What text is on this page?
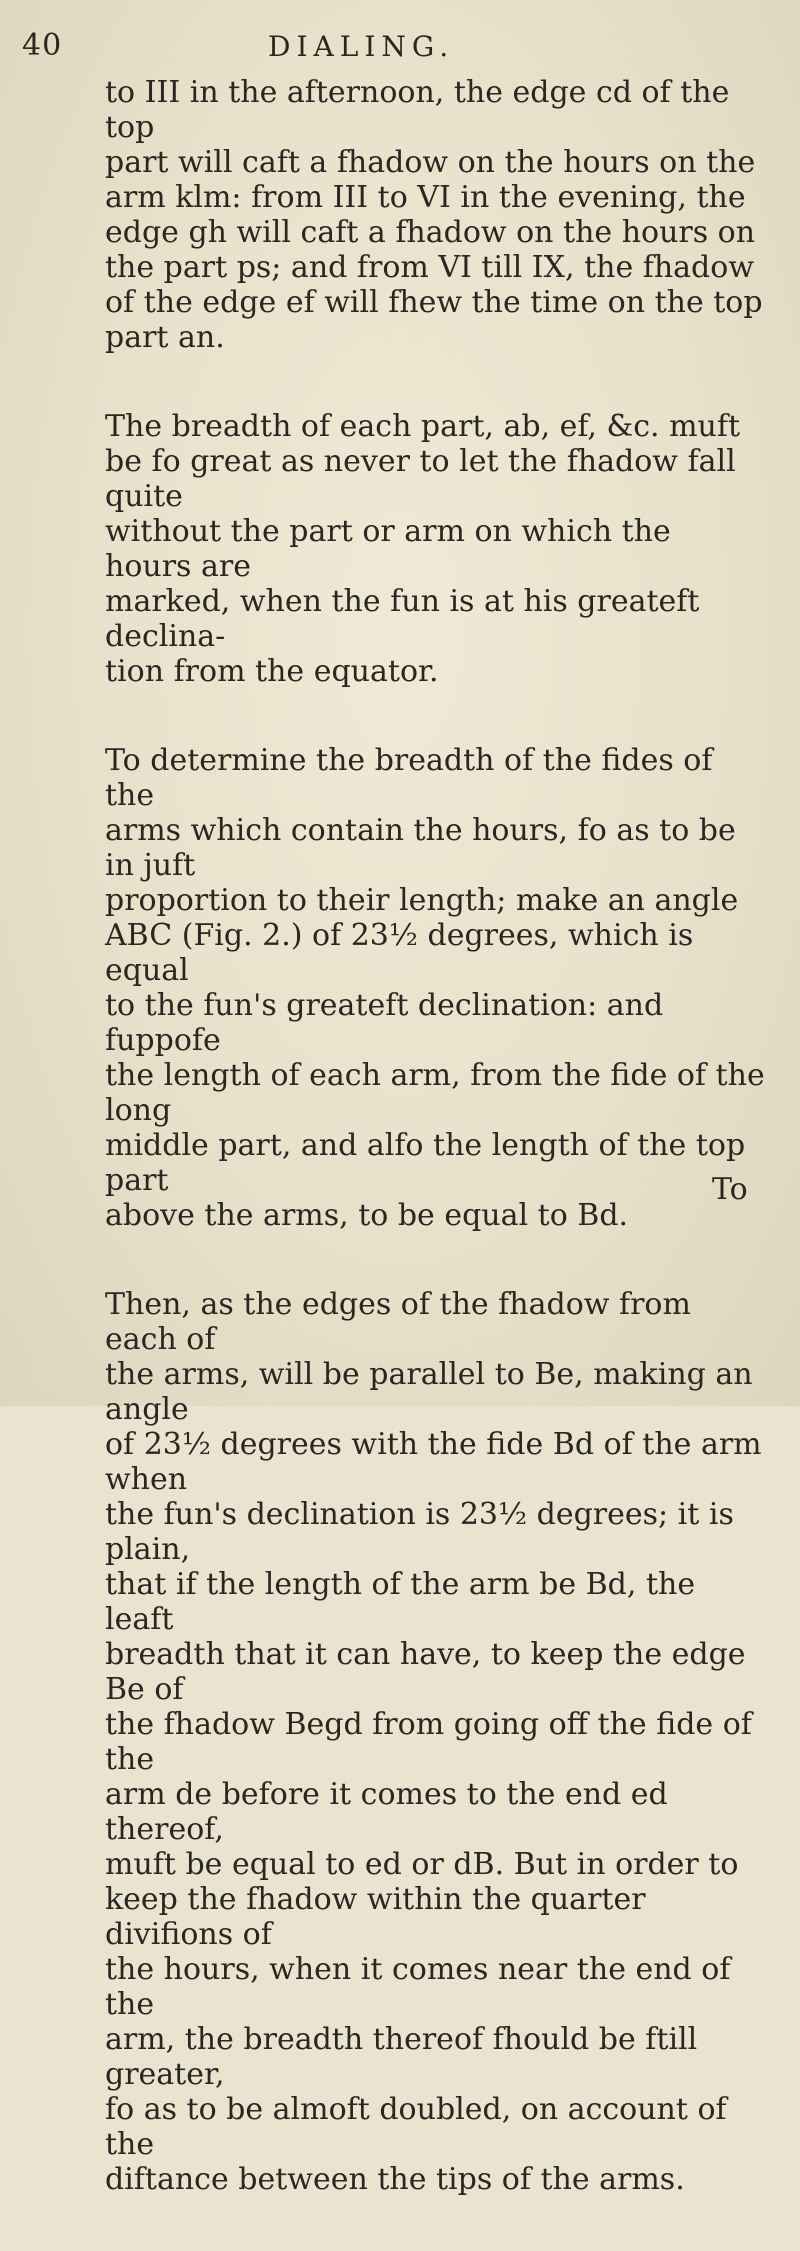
40	DIALING.

to III in the afternoon, the edge cd of the top
part will caft a fhadow on the hours on the
arm klm: from III to VI in the evening, the
edge gh will caft a fhadow on the hours on
the part ps; and from VI till IX, the fhadow
of the edge ef will fhew the time on the top
part an.

The breadth of each part, ab, ef, &c. muft
be fo great as never to let the fhadow fall quite
without the part or arm on which the hours are
marked, when the fun is at his greateft declina-
tion from the equator.

To determine the breadth of the fides of the
arms which contain the hours, fo as to be in juft
proportion to their length; make an angle
ABC (Fig. 2.) of 23½ degrees, which is equal
to the fun's greateft declination: and fuppofe
the length of each arm, from the fide of the long
middle part, and alfo the length of the top part
above the arms, to be equal to Bd.

Then, as the edges of the fhadow from each of
the arms, will be parallel to Be, making an angle
of 23½ degrees with the fide Bd of the arm when
the fun's declination is 23½ degrees; it is plain,
that if the length of the arm be Bd, the leaft
breadth that it can have, to keep the edge Be of
the fhadow Begd from going off the fide of the
arm de before it comes to the end ed thereof,
muft be equal to ed or dB. But in order to
keep the fhadow within the quarter divifions of
the hours, when it comes near the end of the
arm, the breadth thereof fhould be ftill greater,
fo as to be almoft doubled, on account of the
diftance between the tips of the arms.

To
